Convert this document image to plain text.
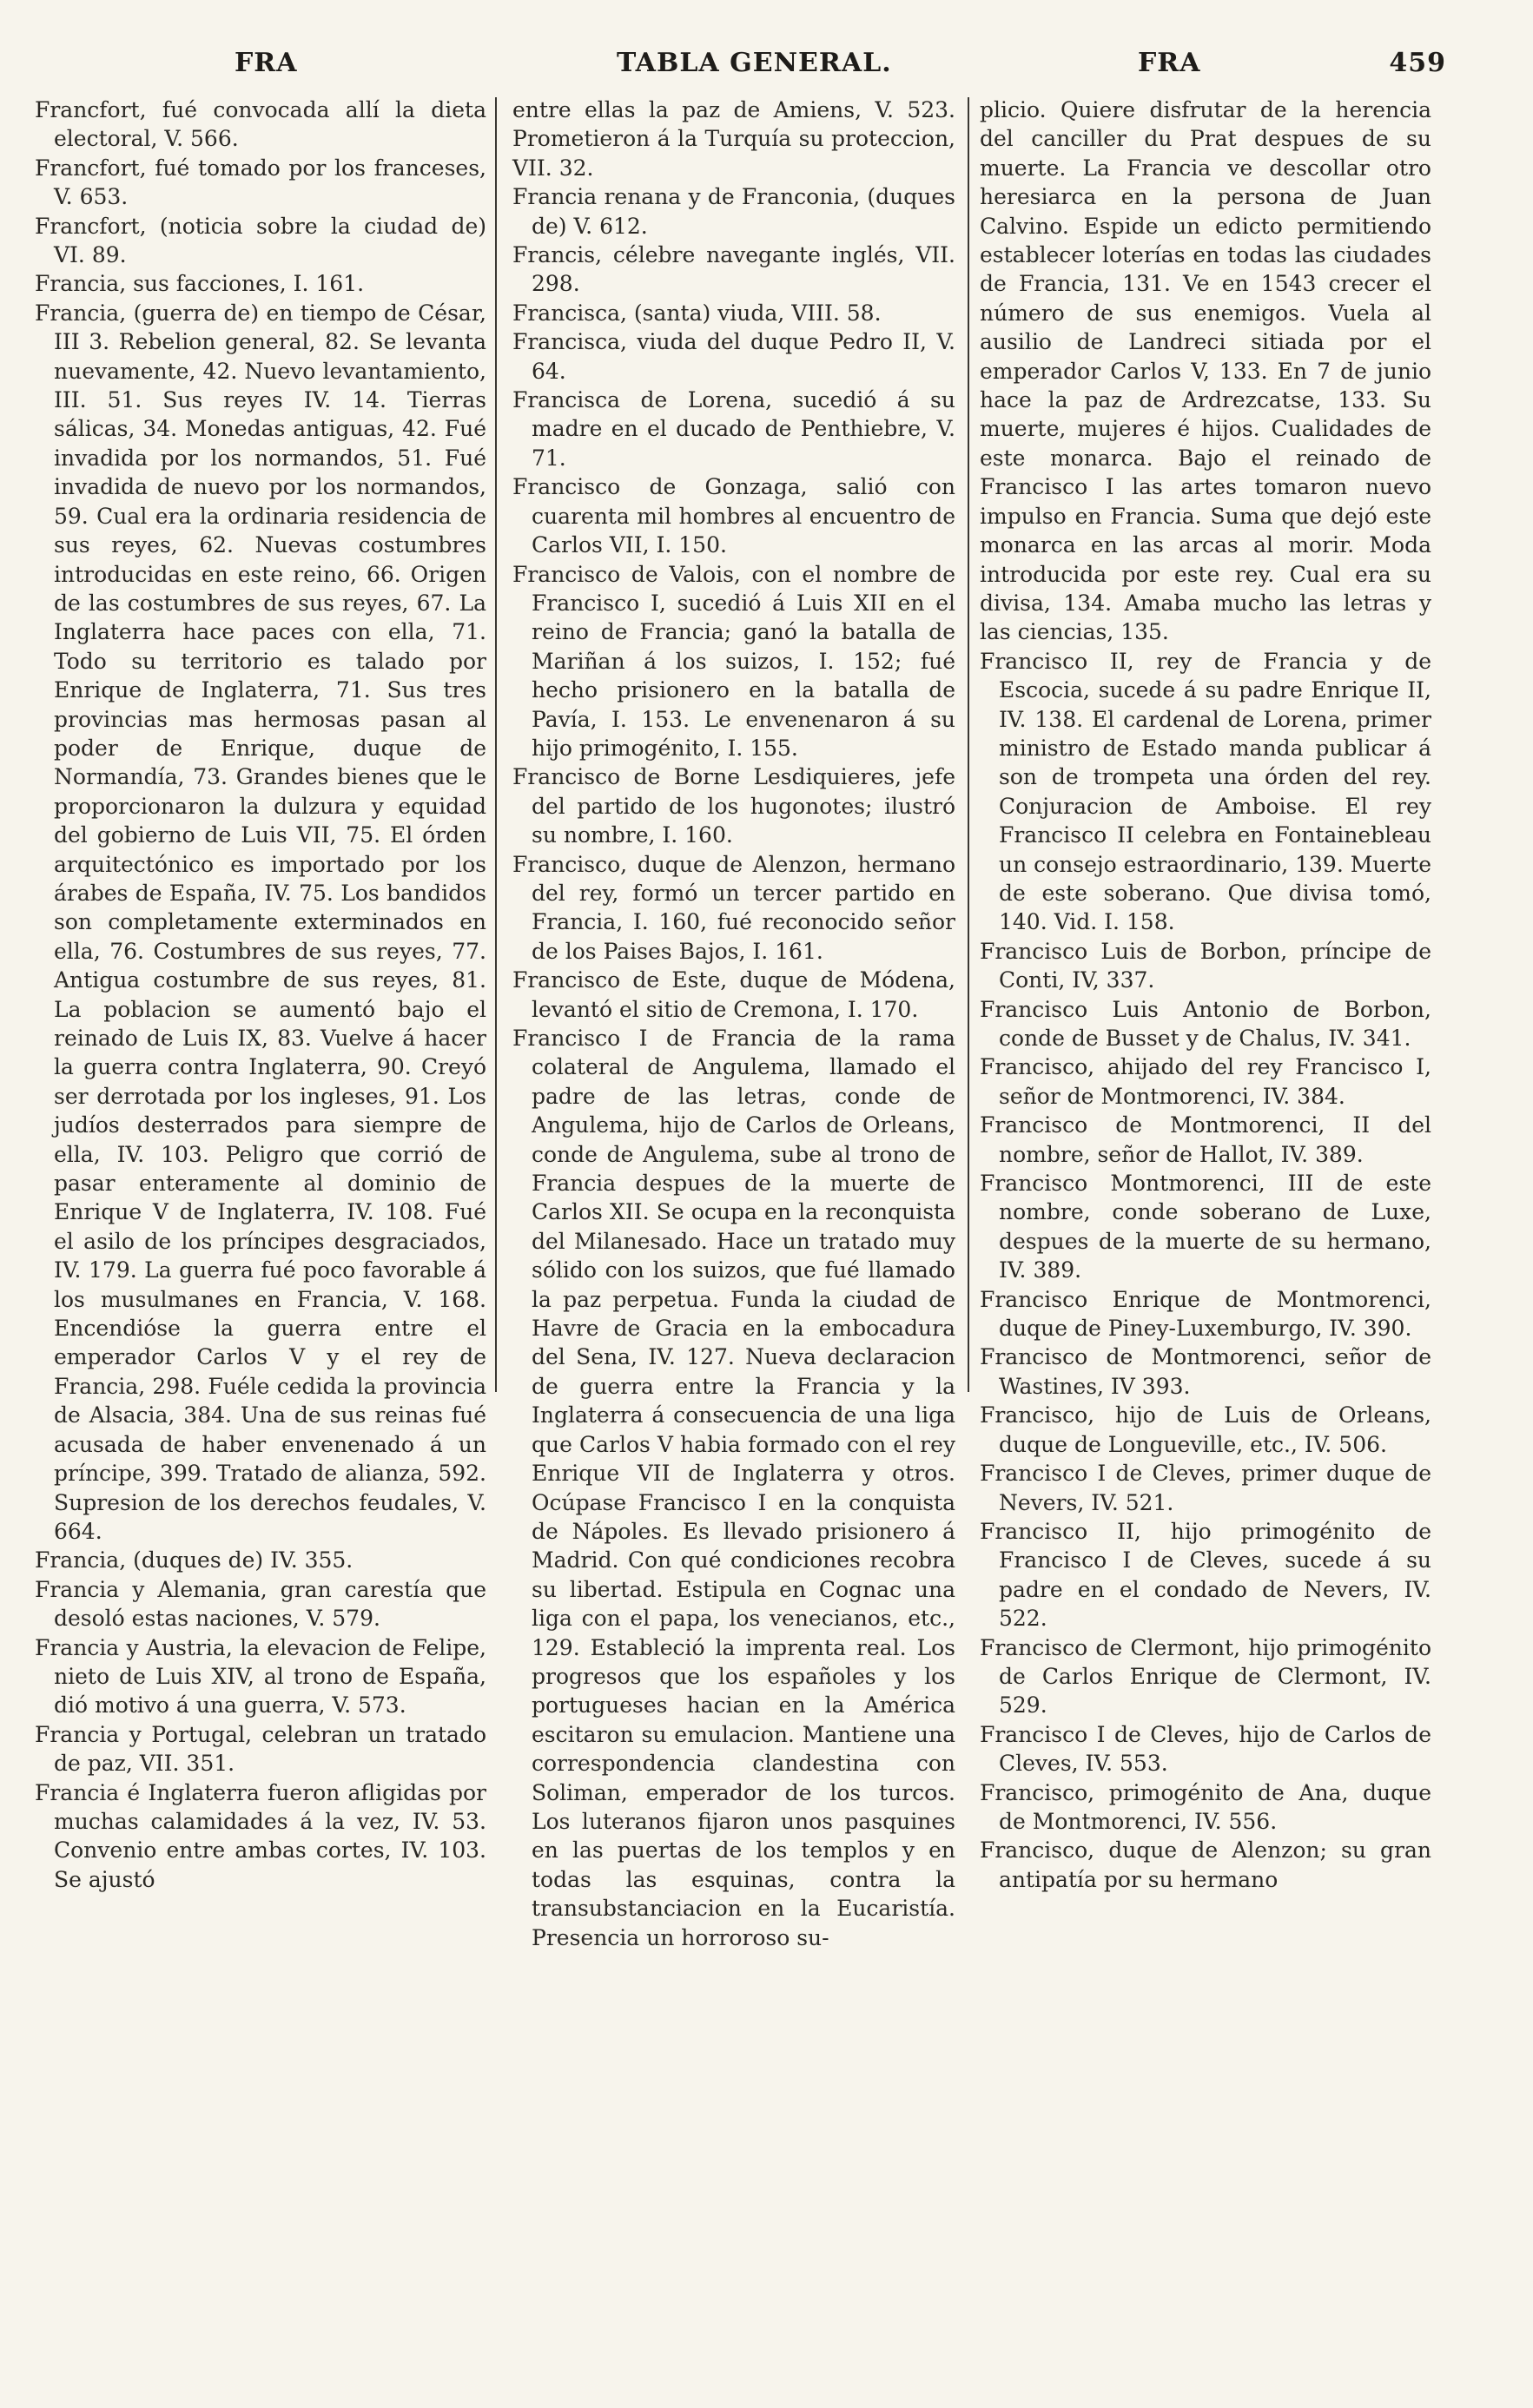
FRA	TABLA GENERAL.	FRA	459

Francfort, fué convocada allí la dieta electoral, V. 566.

Francfort, fué tomado por los franceses, V. 653.

Francfort, (noticia sobre la ciudad de) VI. 89.

Francia, sus facciones, I. 161.

Francia, (guerra de) en tiempo de César, III 3. Rebelion general, 82. Se levanta nuevamente, 42. Nuevo levantamiento, III. 51. Sus reyes IV. 14. Tierras sálicas, 34. Monedas antiguas, 42. Fué invadida por los normandos, 51. Fué invadida de nuevo por los normandos, 59. Cual era la ordinaria residencia de sus reyes, 62. Nuevas costumbres introducidas en este reino, 66. Origen de las costumbres de sus reyes, 67. La Inglaterra hace paces con ella, 71. Todo su territorio es talado por Enrique de Inglaterra, 71. Sus tres provincias mas hermosas pasan al poder de Enrique, duque de Normandía, 73. Grandes bienes que le proporcionaron la dulzura y equidad del gobierno de Luis VII, 75. El órden arquitectónico es importado por los árabes de España, IV. 75. Los bandidos son completamente exterminados en ella, 76. Costumbres de sus reyes, 77. Antigua costumbre de sus reyes, 81. La poblacion se aumentó bajo el reinado de Luis IX, 83. Vuelve á hacer la guerra contra Inglaterra, 90. Creyó ser derrotada por los ingleses, 91. Los judíos desterrados para siempre de ella, IV. 103. Peligro que corrió de pasar enteramente al dominio de Enrique V de Inglaterra, IV. 108. Fué el asilo de los príncipes desgraciados, IV. 179. La guerra fué poco favorable á los musulmanes en Francia, V. 168. Encendióse la guerra entre el emperador Carlos V y el rey de Francia, 298. Fuéle cedida la provincia de Alsacia, 384. Una de sus reinas fué acusada de haber envenenado á un príncipe, 399. Tratado de alianza, 592. Supresion de los derechos feudales, V. 664.

Francia, (duques de) IV. 355.

Francia y Alemania, gran carestía que desoló estas naciones, V. 579.

Francia y Austria, la elevacion de Felipe, nieto de Luis XIV, al trono de España, dió motivo á una guerra, V. 573.

Francia y Portugal, celebran un tratado de paz, VII. 351.

Francia é Inglaterra fueron afligidas por muchas calamidades á la vez, IV. 53. Convenio entre ambas cortes, IV. 103. Se ajustó

entre ellas la paz de Amiens, V. 523. Prometieron á la Turquía su proteccion, VII. 32.

Francia renana y de Franconia, (duques de) V. 612.

Francis, célebre navegante inglés, VII. 298.

Francisca, (santa) viuda, VIII. 58.

Francisca, viuda del duque Pedro II, V. 64.

Francisca de Lorena, sucedió á su madre en el ducado de Penthiebre, V. 71.

Francisco de Gonzaga, salió con cuarenta mil hombres al encuentro de Carlos VII, I. 150.

Francisco de Valois, con el nombre de Francisco I, sucedió á Luis XII en el reino de Francia; ganó la batalla de Mariñan á los suizos, I. 152; fué hecho prisionero en la batalla de Pavía, I. 153. Le envenenaron á su hijo primogénito, I. 155.

Francisco de Borne Lesdiquieres, jefe del partido de los hugonotes; ilustró su nombre, I. 160.

Francisco, duque de Alenzon, hermano del rey, formó un tercer partido en Francia, I. 160, fué reconocido señor de los Paises Bajos, I. 161.

Francisco de Este, duque de Módena, levantó el sitio de Cremona, I. 170.

Francisco I de Francia de la rama colateral de Angulema, llamado el padre de las letras, conde de Angulema, hijo de Carlos de Orleans, conde de Angulema, sube al trono de Francia despues de la muerte de Carlos XII. Se ocupa en la reconquista del Milanesado. Hace un tratado muy sólido con los suizos, que fué llamado la paz perpetua. Funda la ciudad de Havre de Gracia en la embocadura del Sena, IV. 127. Nueva declaracion de guerra entre la Francia y la Inglaterra á consecuencia de una liga que Carlos V habia formado con el rey Enrique VII de Inglaterra y otros. Ocúpase Francisco I en la conquista de Nápoles. Es llevado prisionero á Madrid. Con qué condiciones recobra su libertad. Estipula en Cognac una liga con el papa, los venecianos, etc., 129. Estableció la imprenta real. Los progresos que los españoles y los portugueses hacian en la América escitaron su emulacion. Mantiene una correspondencia clandestina con Soliman, emperador de los turcos. Los luteranos fijaron unos pasquines en las puertas de los templos y en todas las esquinas, contra la transubstanciacion en la Eucaristía. Presencia un horroroso su-

plicio. Quiere disfrutar de la herencia del canciller du Prat despues de su muerte. La Francia ve descollar otro heresiarca en la persona de Juan Calvino. Espide un edicto permitiendo establecer loterías en todas las ciudades de Francia, 131. Ve en 1543 crecer el número de sus enemigos. Vuela al ausilio de Landreci sitiada por el emperador Carlos V, 133. En 7 de junio hace la paz de Ardrezcatse, 133. Su muerte, mujeres é hijos. Cualidades de este monarca. Bajo el reinado de Francisco I las artes tomaron nuevo impulso en Francia. Suma que dejó este monarca en las arcas al morir. Moda introducida por este rey. Cual era su divisa, 134. Amaba mucho las letras y las ciencias, 135.

Francisco II, rey de Francia y de Escocia, sucede á su padre Enrique II, IV. 138. El cardenal de Lorena, primer ministro de Estado manda publicar á son de trompeta una órden del rey. Conjuracion de Amboise. El rey Francisco II celebra en Fontainebleau un consejo estraordinario, 139. Muerte de este soberano. Que divisa tomó, 140. Vid. I. 158.

Francisco Luis de Borbon, príncipe de Conti, IV, 337.

Francisco Luis Antonio de Borbon, conde de Busset y de Chalus, IV. 341.

Francisco, ahijado del rey Francisco I, señor de Montmorenci, IV. 384.

Francisco de Montmorenci, II del nombre, señor de Hallot, IV. 389.

Francisco Montmorenci, III de este nombre, conde soberano de Luxe, despues de la muerte de su hermano, IV. 389.

Francisco Enrique de Montmorenci, duque de Piney-Luxemburgo, IV. 390.

Francisco de Montmorenci, señor de Wastines, IV 393.

Francisco, hijo de Luis de Orleans, duque de Longueville, etc., IV. 506.

Francisco I de Cleves, primer duque de Nevers, IV. 521.

Francisco II, hijo primogénito de Francisco I de Cleves, sucede á su padre en el condado de Nevers, IV. 522.

Francisco de Clermont, hijo primogénito de Carlos Enrique de Clermont, IV. 529.

Francisco I de Cleves, hijo de Carlos de Cleves, IV. 553.

Francisco, primogénito de Ana, duque de Montmorenci, IV. 556.

Francisco, duque de Alenzon; su gran antipatía por su hermano
